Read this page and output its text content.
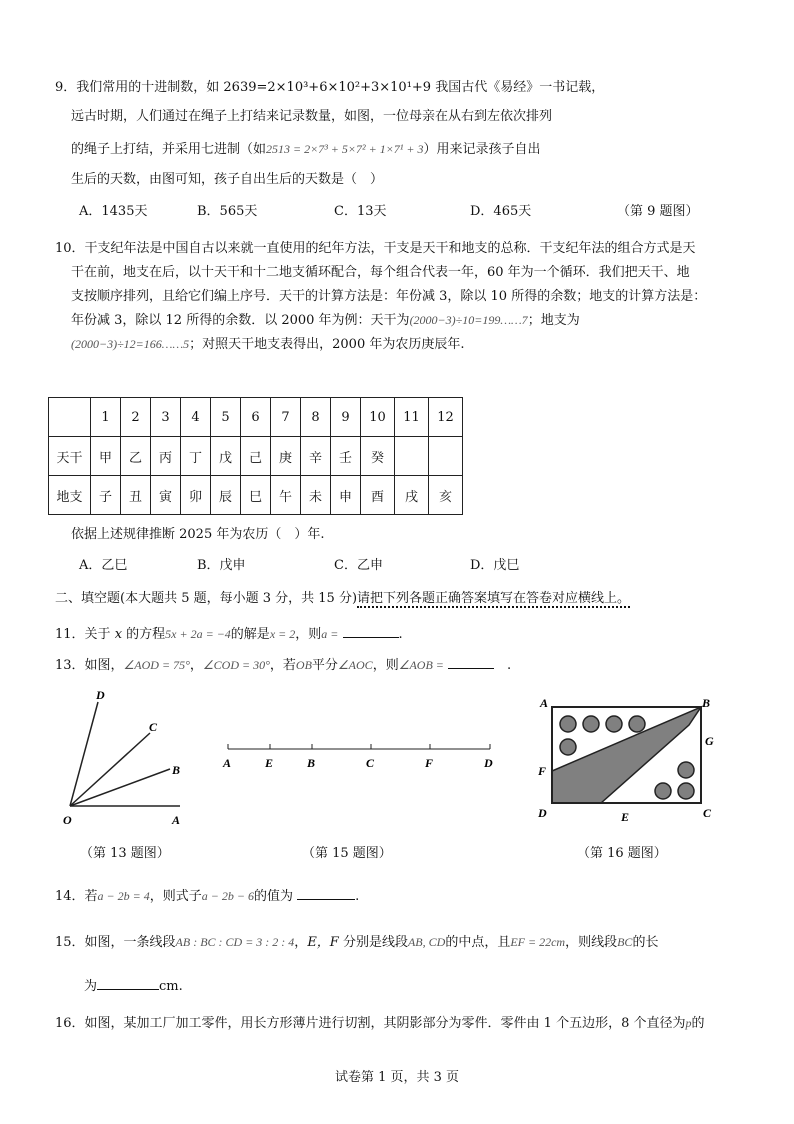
9．我们常用的十进制数，如 2639=2×10³+6×10²+3×10¹+9 我国古代《易经》一书记载，
远古时期，人们通过在绳子上打结来记录数量，如图，一位母亲在从右到左依次排列
的绳子上打结，并采用七进制（如2513 = 2×7³ + 5×7² + 1×7¹ + 3）用来记录孩子自出
生后的天数，由图可知，孩子自出生后的天数是（　）
A．1435天	B．565天	C．13天	D．465天	（第 9 题图）
10．干支纪年法是中国自古以来就一直使用的纪年方法，干支是天干和地支的总称．干支纪年法的组合方式是天
干在前，地支在后，以十天干和十二地支循环配合，每个组合代表一年，60 年为一个循环．我们把天干、地
支按顺序排列，且给它们编上序号．天干的计算方法是：年份减 3，除以 10 所得的余数；地支的计算方法是：
年份减 3，除以 12 所得的余数．以 2000 年为例：天干为(2000−3)÷10=199……7；地支为
(2000−3)÷12=166……5；对照天干地支表得出，2000 年为农历庚辰年.
	1	2	3	4	5	6	7	8	9	10	11	12
天干	甲	乙	丙	丁	戊	己	庚	辛	壬	癸		
地支	子	丑	寅	卯	辰	巳	午	未	申	酉	戌	亥
依据上述规律推断 2025 年为农历（　）年.
A．乙巳	B．戊申	C．乙申	D．戊巳
二、填空题(本大题共 5 题，每小题 3 分，共 15 分)请把下列各题正确答案填写在答卷对应横线上。
11．关于 x 的方程5x + 2a = −4的解是x = 2，则a =	.
13．如图，∠AOD = 75°，∠COD = 30°，若OB平分∠AOC，则∠AOB = 　	.
D
C
B
O	A
（第 13 题图）
A	E	B	C	F	D
（第 15 题图）
A	B
G
F
D	E	C
（第 16 题图）
14．若a − 2b = 4，则式子a − 2b − 6的值为	.
15．如图，一条线段AB : BC : CD = 3 : 2 : 4，E，F 分别是线段AB, CD的中点，且EF = 22cm，则线段BC的长
为	cm.
16．如图，某加工厂加工零件，用长方形薄片进行切割，其阴影部分为零件．零件由 1 个五边形，8 个直径为p的
试卷第 1 页，共 3 页
